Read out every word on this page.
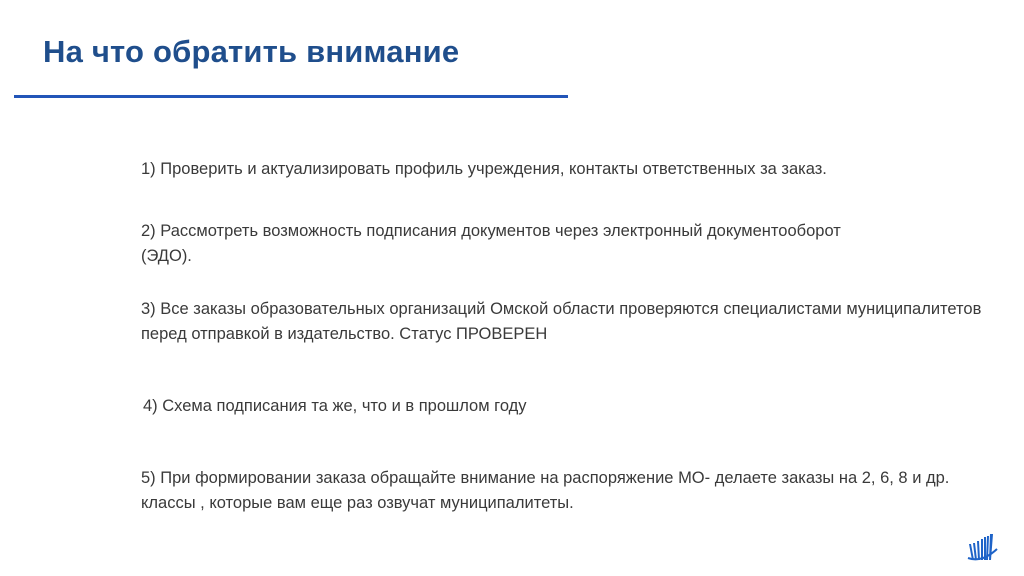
На что обратить внимание

1) Проверить и актуализировать профиль учреждения, контакты ответственных за заказ.

2) Рассмотреть возможность подписания документов через электронный документооборот (ЭДО).

3) Все заказы образовательных организаций Омской области проверяются специалистами муниципалитетов перед отправкой в издательство. Статус ПРОВЕРЕН

4) Схема подписания та же, что и в прошлом году

5) При формировании заказа обращайте внимание на распоряжение МО- делаете заказы на 2, 6, 8 и др. классы , которые вам еще раз озвучат муниципалитеты.
